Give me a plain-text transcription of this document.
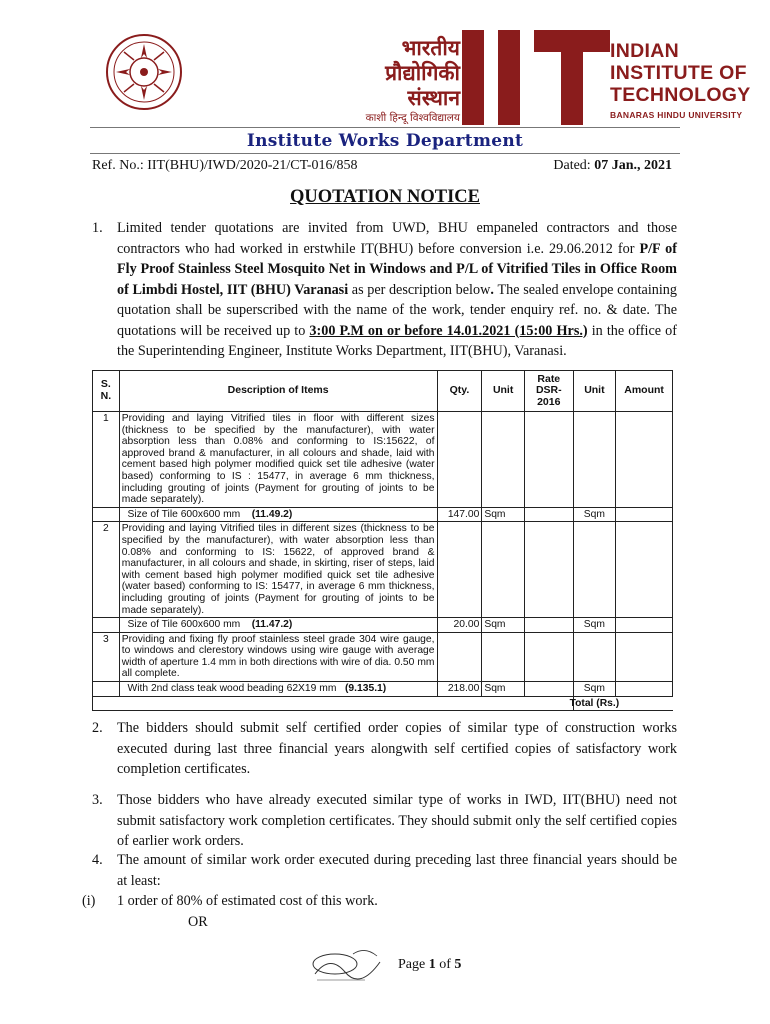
भारतीय
प्रौद्योगिकी
संस्थान
काशी हिन्दू विश्वविद्यालय
INDIAN
INSTITUTE OF
TECHNOLOGY
BANARAS HINDU UNIVERSITY
Institute Works Department
Ref. No.: IIT(BHU)/IWD/2020-21/CT-016/858	Dated: 07 Jan., 2021
QUOTATION NOTICE
1. Limited tender quotations are invited from UWD, BHU empaneled contractors and those contractors who had worked in erstwhile IT(BHU) before conversion i.e. 29.06.2012 for P/F of Fly Proof Stainless Steel Mosquito Net in Windows and P/L of Vitrified Tiles in Office Room of Limbdi Hostel, IIT (BHU) Varanasi as per description below. The sealed envelope containing quotation shall be superscribed with the name of the work, tender enquiry ref. no. & date. The quotations will be received up to 3:00 P.M on or before 14.01.2021 (15:00 Hrs.) in the office of the Superintending Engineer, Institute Works Department, IIT(BHU), Varanasi.
S. N.	Description of Items	Qty.	Unit	Rate DSR-2016	Unit	Amount
1	Providing and laying Vitrified tiles in floor with different sizes (thickness to be specified by the manufacturer), with water absorption less than 0.08% and conforming to IS:15622, of approved brand & manufacturer, in all colours and shade, laid with cement based high polymer modified quick set tile adhesive (water based) conforming to IS : 15477, in average 6 mm thickness, including grouting of joints (Payment for grouting of joints to be made separately).					
	Size of Tile 600x600 mm (11.49.2)	147.00	Sqm		Sqm	
2	Providing and laying Vitrified tiles in different sizes (thickness to be specified by the manufacturer), with water absorption less than 0.08% and conforming to IS: 15622, of approved brand & manufacturer, in all colours and shade, in skirting, riser of steps, laid with cement based high polymer modified quick set tile adhesive (water based) conforming to IS: 15477, in average 6 mm thickness, including grouting of joints (Payment for grouting of joints to be made separately).					
	Size of Tile 600x600 mm (11.47.2)	20.00	Sqm		Sqm	
3	Providing and fixing fly proof stainless steel grade 304 wire gauge, to windows and clerestory windows using wire gauge with average width of aperture 1.4 mm in both directions with wire of dia. 0.50 mm all complete.					
	With 2nd class teak wood beading 62X19 mm (9.135.1)	218.00	Sqm		Sqm	
					Total (Rs.)	
2. The bidders should submit self certified order copies of similar type of construction works executed during last three financial years alongwith self certified copies of satisfactory work completion certificates.
3. Those bidders who have already executed similar type of works in IWD, IIT(BHU) need not submit satisfactory work completion certificates. They should submit only the self certified copies of earlier work orders.
4. The amount of similar work order executed during preceding last three financial years should be at least:
(i) 1 order of 80% of estimated cost of this work.
OR
Page 1 of 5
